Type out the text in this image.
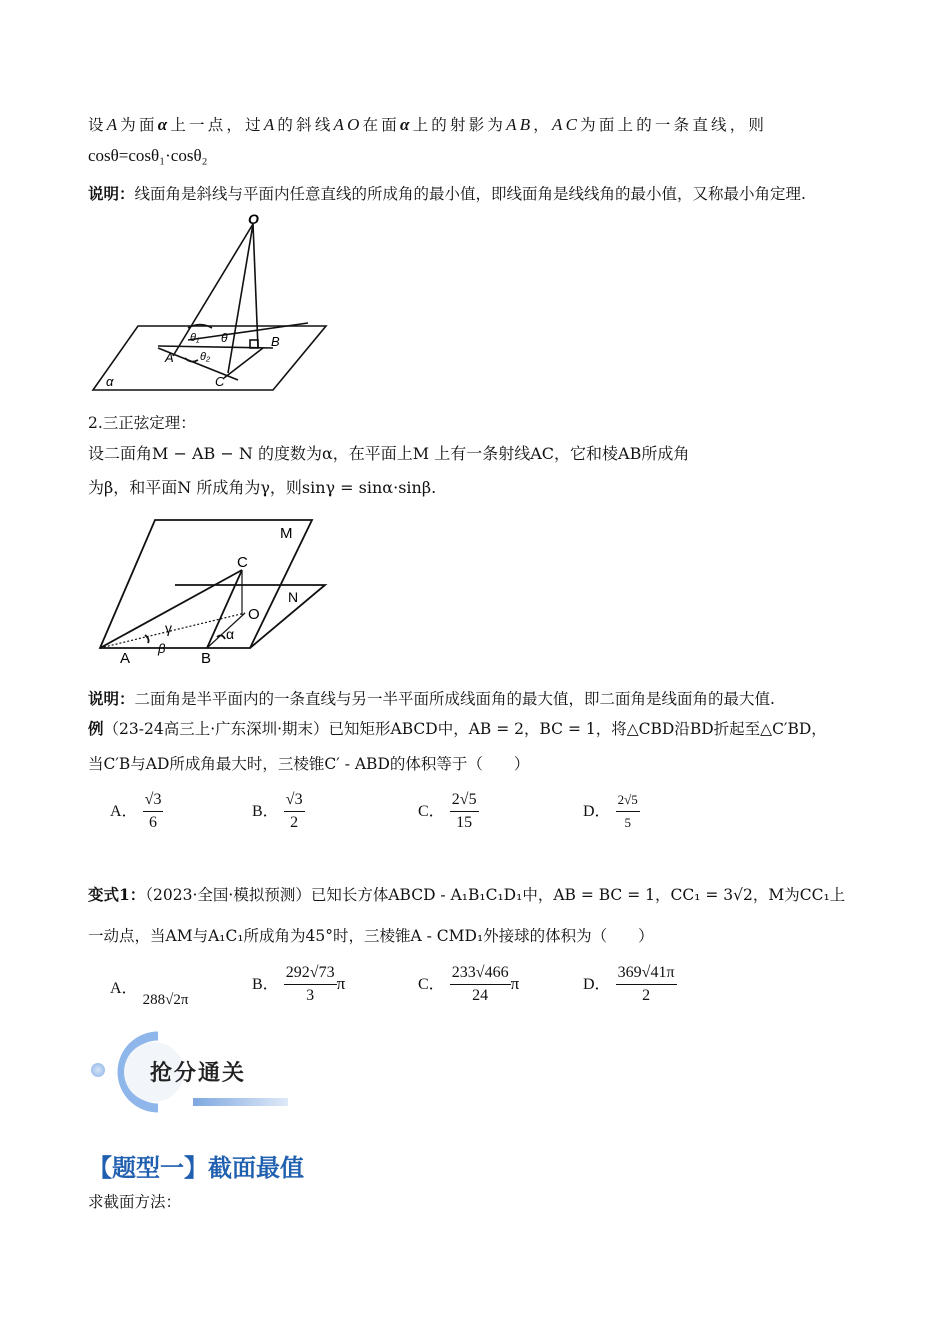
设A为面α上一点，过A的斜线AO在面α上的射影为AB，AC为面上的一条直线，则
cosθ=cosθ₁·cosθ₂
说明：线面角是斜线与平面内任意直线的所成角的最小值，即线面角是线线角的最小值，又称最小角定理.
O
θ₁ θ	B
A θ₂
C
α
2.三正弦定理：
设二面角M − AB − N 的度数为α，在平面上M 上有一条射线AC，它和棱AB所成角
为β，和平面N 所成角为γ，则sinγ = sinα·sinβ.
M
C
N
O
γ	α
β
A	B
说明：二面角是半平面内的一条直线与另一半平面所成线面角的最大值，即二面角是线面角的最大值.
例（23-24高三上·广东深圳·期末）已知矩形ABCD中，AB = 2，BC = 1，将△CBD沿BD折起至△C′BD，
当C′B与AD所成角最大时，三棱锥C′ - ABD的体积等于（　　）
A． $\frac{√3}{6}$	B． $\frac{√3}{2}$	C． $\frac{2√5}{15}$	D． $\frac{2√5}{5}$
变式1：（2023·全国·模拟预测）已知长方体ABCD - A₁B₁C₁D₁中，AB = BC = 1，CC₁ = 3√2，M为CC₁上
一动点，当AM与A₁C₁所成角为45°时，三棱锥A - CMD₁外接球的体积为（　　）
A． 288√2π
B． $\frac{292√73}{3}$ π	C． $\frac{233√466}{24}$ π	D． $\frac{369√41\pi}{2}$
抢分通关
【题型一】截面最值
求截面方法：
